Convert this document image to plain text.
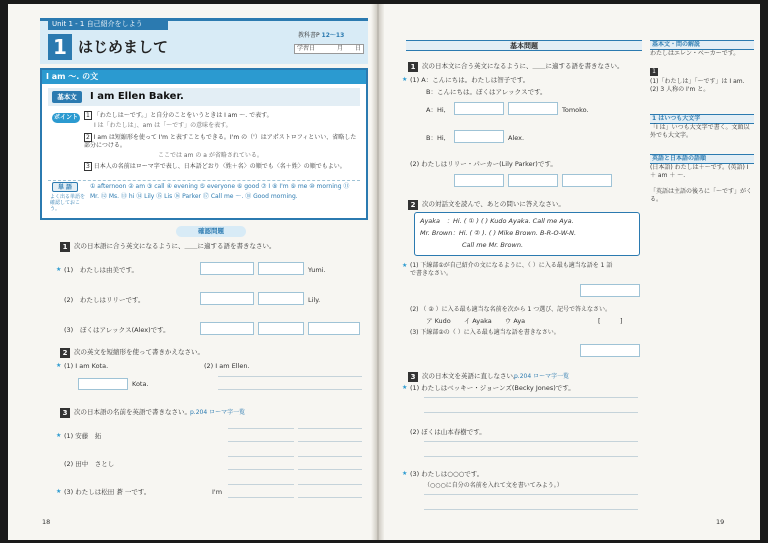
Unit 1 - 1 自己紹介をしよう
1 はじめまして
教科書P 12〜13
学習日	月 日
I am ～. の文
基本文	I am Ellen Baker.
ポイント	1 「わたしは～です。」と自分のことをいうときは I am ～. で表す。
I は「わたしは」、am は「～です」の意味を表す。
2 I am は短縮形を使って I'm と表すこともできる。I'm の（'）はアポストロフィといい、省略した部分につける。
ここでは am の a が省略されている。
3 日本人の名前はローマ字で表し、日本語どおり〈姓＋名〉の順でも〈名＋姓〉の順でもよい。
単 語
よく出る単語を確認しておこう。
① afternoon ② am ③ call ④ evening ⑤ everyone ⑥ good ⑦ I ⑧ I'm ⑨ me ⑩ morning ⑪ Mr. ⑫ Ms. ⑬ hi ⑭ Lily ⑮ Lis ⑯ Parker ⑰ Call me ～. ⑱ Good morning.
確認問題
1	次の日本語に合う英文になるように、＿＿に適する語を書きなさい。
★ (1) わたしは由美です。	Yumi.
(2) わたしはリリーです。	Lily.
(3) ぼくはアレックス(Alex)です。
2	次の英文を短縮形を使って書きかえなさい。
★ (1) I am Kota.	(2) I am Ellen.
Kota.
3	次の日本語の名前を英語で書きなさい。 p.204 ローマ字一覧
★ (1) 安藤　拓
(2) 田中　さとし
★ (3) わたしは松田 蒼 一です。	I'm
18
基本問題
1	次の日本文に合う英文になるように、＿＿に適する語を書きなさい。
★ (1) A：こんにちは。わたしは智子です。
B：こんにちは。ぼくはアレックスです。
A：Hi,	Tomoko.
B：Hi,	Alex.
(2) わたしはリリー・パーカー(Lily Parker)です。
2	次の対話文を読んで、あとの問いに答えなさい。
Ayaka　：Hi. ( ① ) ( ) Kudo Ayaka. Call me Aya.
Mr. Brown：Hi. ( ② ). ( ) Mike Brown. B-R-O-W-N.
Call me Mr. Brown.
★ (1) 下線部①が自己紹介の文になるように、（ ）に入る最も適当な語を 1 語で書きなさい。
(2) （ ② ）に入る最も適当な名前を次から 1 つ選び、記号で答えなさい。
ア Kudo　　イ Ayaka　　ウ Aya	[　　　]
(3) 下線部②の（ ）に入る最も適当な語を書きなさい。
3	次の日本文を英語に直しなさい。
p.204 ローマ字一覧
★ (1) わたしはベッキー・ジョーンズ(Becky Jones)です。
(2) ぼくは山本春樹です。
★ (3) わたしは○○○です。
（○○○に自分の名前を入れて文を書いてみよう。）
基本文・問の解説
わたしはエレン・ベーカーです。
1
(1)「わたしは」「～です」は I am. (2) 3 人称の I'm と。
1 はいつも大文字
「I は」いつも大文字で書く。文頭以外でも大文字。
英語と日本語の語順
(日本語) わたしは＋～です。(英語) I ＋ am ＋ ～.
「英語は主語の後ろに「～です」がくる。
19
